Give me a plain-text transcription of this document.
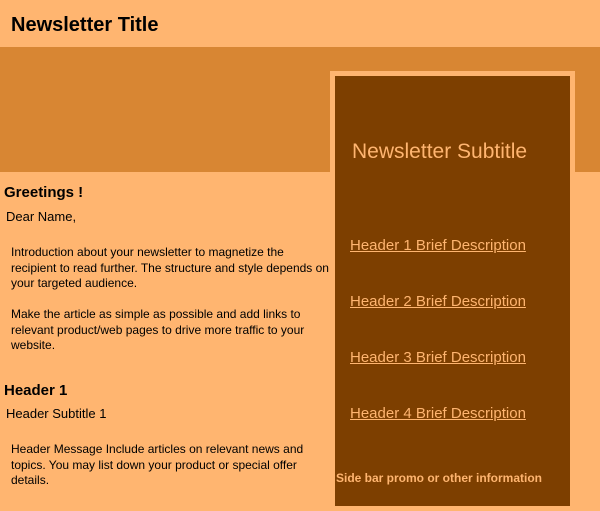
Newsletter Title
Newsletter Subtitle
Header 1 Brief Description
Header 2 Brief Description
Header 3 Brief Description
Header 4 Brief Description
Side bar promo or other information
Greetings !
Dear Name,

Introduction about your newsletter to magnetize the recipient to read further. The structure and style depends on your targeted audience.

Make the article as simple as possible and add links to relevant product/web pages to drive more traffic to your website.

Header 1
Header Subtitle 1

Header Message Include articles on relevant news and topics. You may list down your product or special offer details.
